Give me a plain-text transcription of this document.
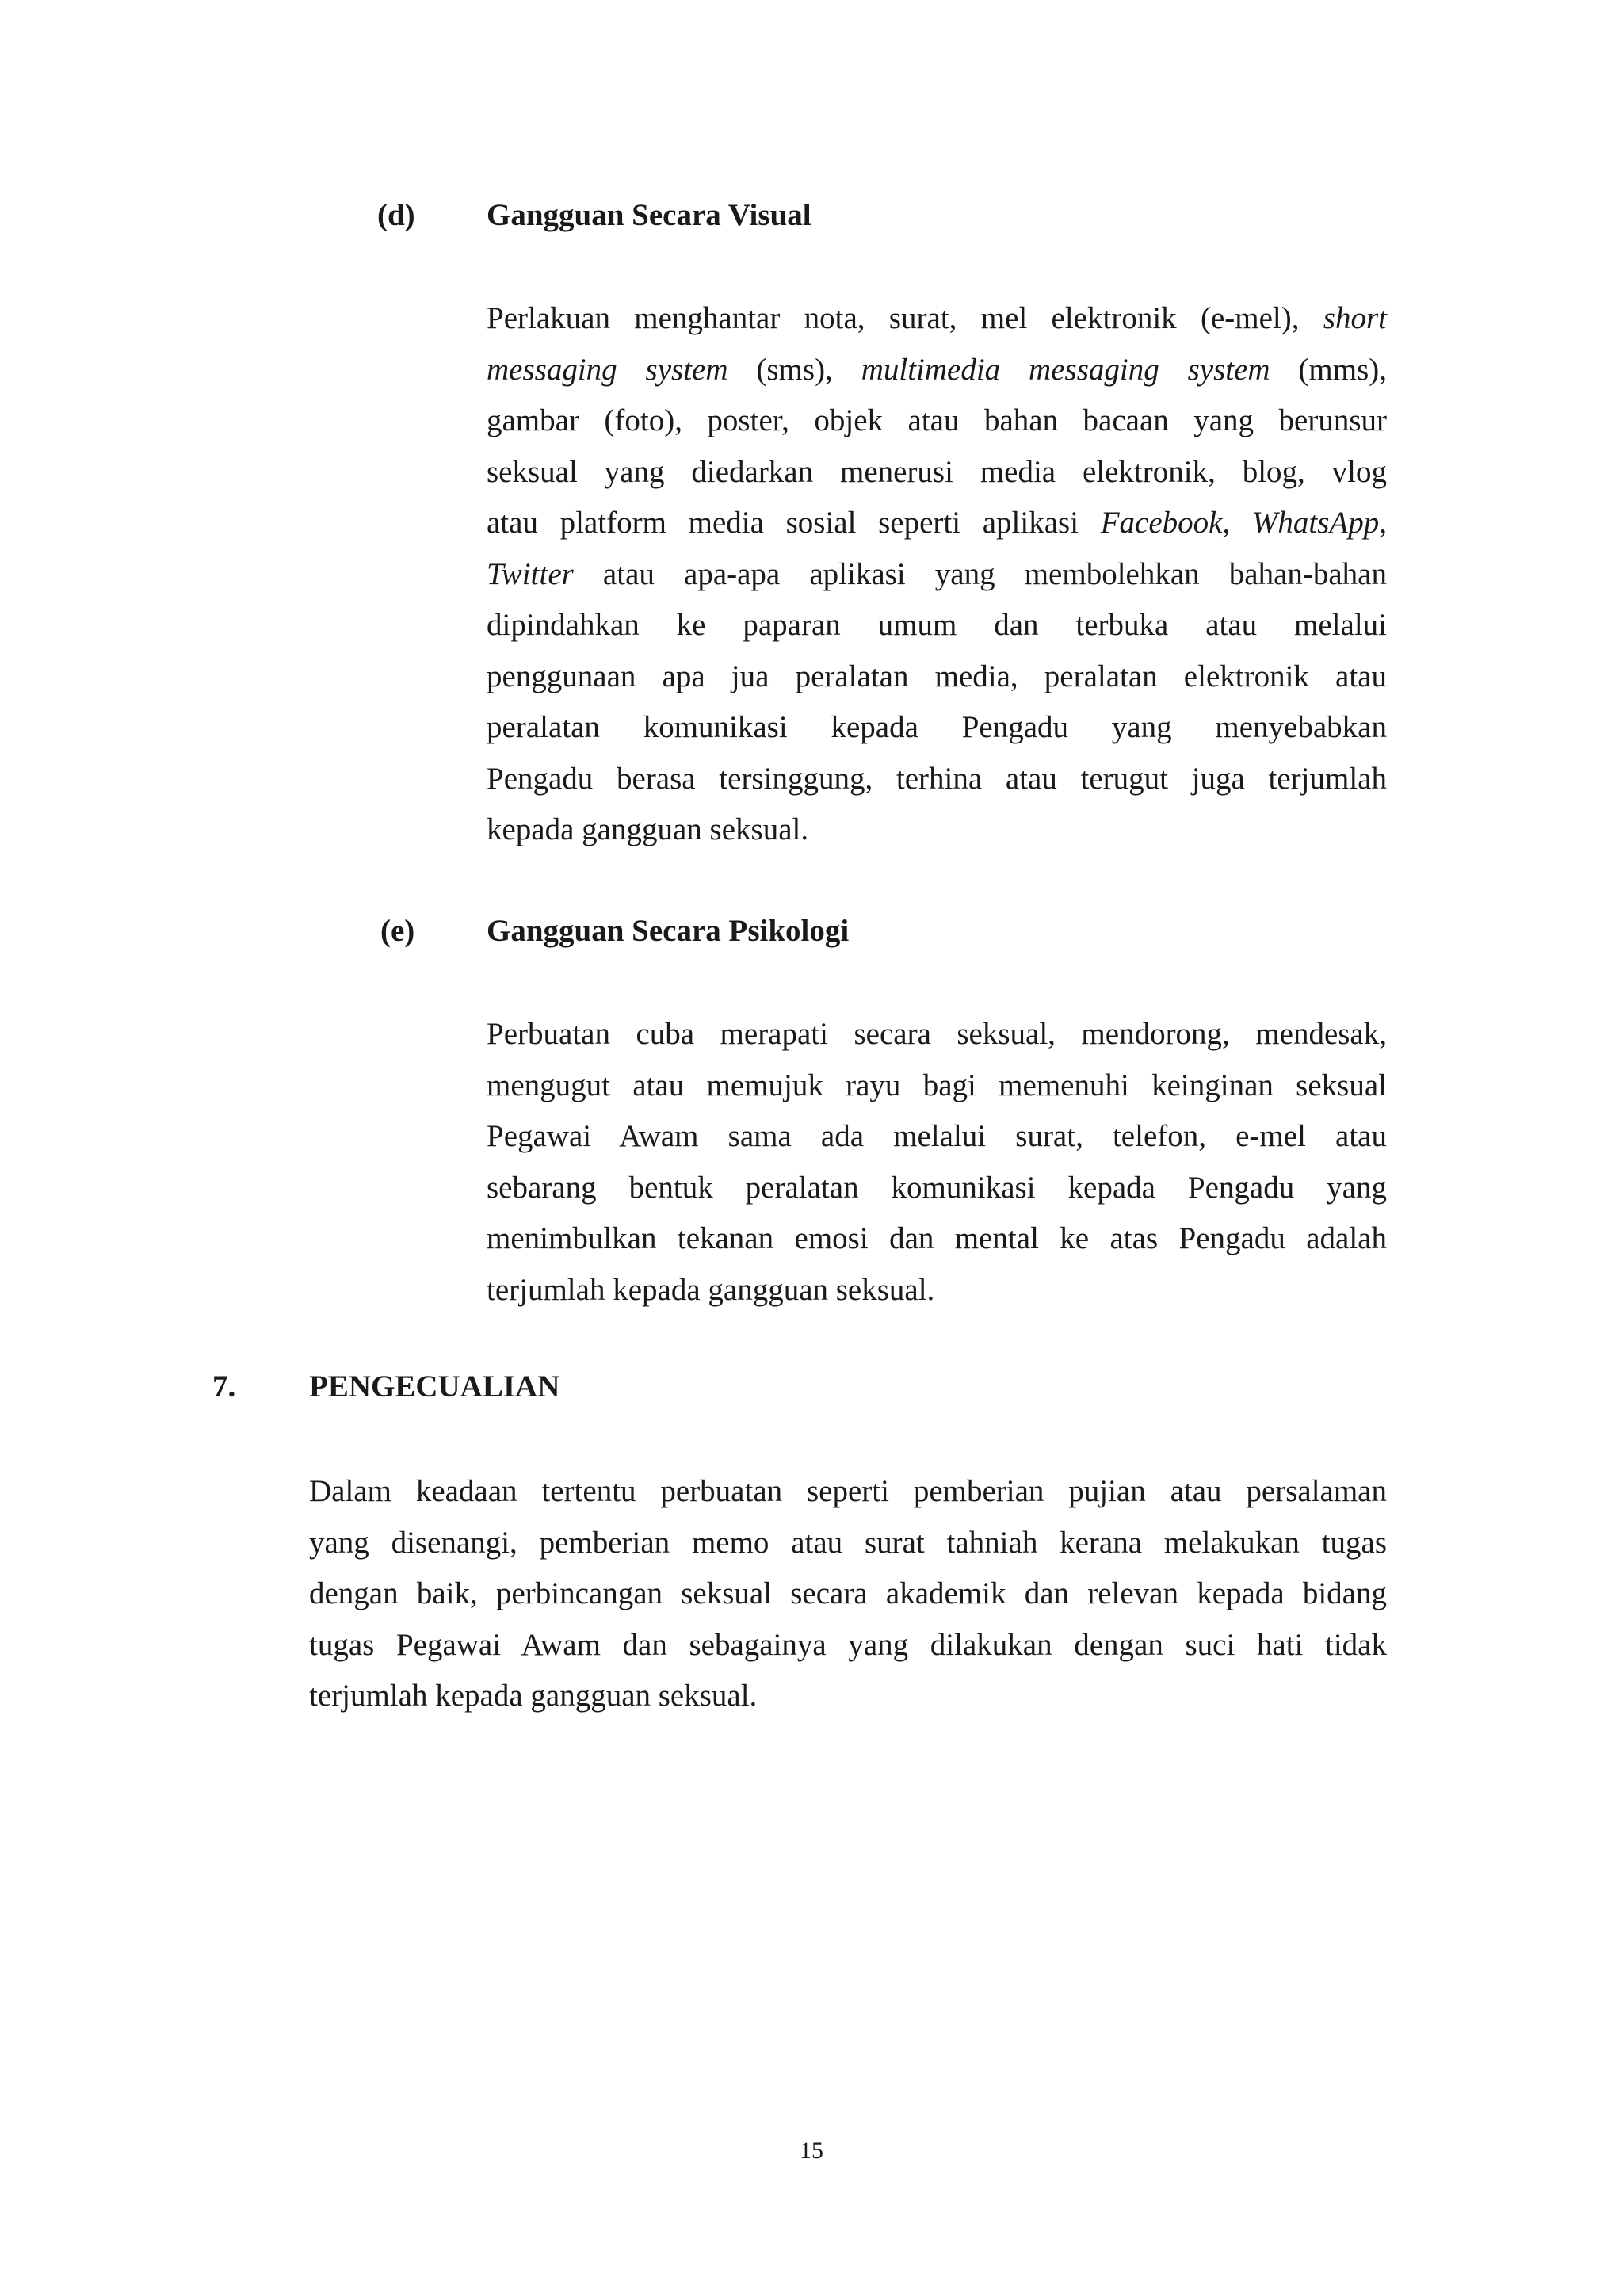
(d) Gangguan Secara Visual
Perlakuan menghantar nota, surat, mel elektronik (e-mel), short
messaging system (sms), multimedia messaging system (mms),
gambar (foto), poster, objek atau bahan bacaan yang berunsur
seksual yang diedarkan menerusi media elektronik, blog, vlog
atau platform media sosial seperti aplikasi Facebook, WhatsApp,
Twitter atau apa-apa aplikasi yang membolehkan bahan-bahan
dipindahkan ke paparan umum dan terbuka atau melalui
penggunaan apa jua peralatan media, peralatan elektronik atau
peralatan komunikasi kepada Pengadu yang menyebabkan
Pengadu berasa tersinggung, terhina atau terugut juga terjumlah
kepada gangguan seksual.
(e) Gangguan Secara Psikologi
Perbuatan cuba merapati secara seksual, mendorong, mendesak,
mengugut atau memujuk rayu bagi memenuhi keinginan seksual
Pegawai Awam sama ada melalui surat, telefon, e-mel atau
sebarang bentuk peralatan komunikasi kepada Pengadu yang
menimbulkan tekanan emosi dan mental ke atas Pengadu adalah
terjumlah kepada gangguan seksual.
7. PENGECUALIAN
Dalam keadaan tertentu perbuatan seperti pemberian pujian atau persalaman
yang disenangi, pemberian memo atau surat tahniah kerana melakukan tugas
dengan baik, perbincangan seksual secara akademik dan relevan kepada bidang
tugas Pegawai Awam dan sebagainya yang dilakukan dengan suci hati tidak
terjumlah kepada gangguan seksual.
15
